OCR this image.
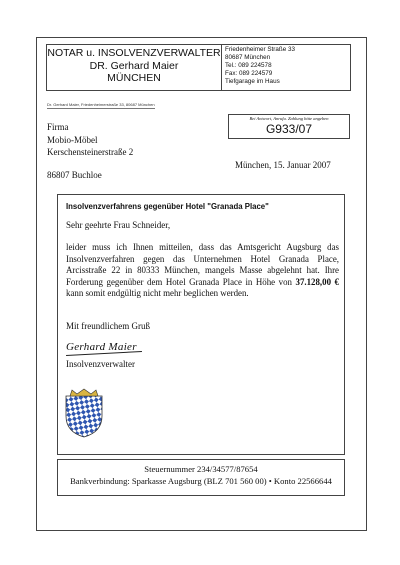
NOTAR u. INSOLVENZVERWALTER
DR. Gerhard Maier
MÜNCHEN
Friedenheimer Straße 33
80687 München
Tel.: 089 224578
Fax: 089 224579
Tiefgarage im Haus
Dr. Gerhard Maier, Friedenheimerstraße 33, 80687 München
Firma
Mobio-Möbel
Kerschensteinerstraße 2
86807 Buchloe
Bei Antwort, Anrufu. Zahlung bitte angeben
G933/07
München, 15. Januar 2007
Insolvenzverfahrens gegenüber Hotel "Granada Place"
Sehr geehrte Frau Schneider,
leider muss ich Ihnen mitteilen, dass das Amtsgericht Augsburg das Insolvenzverfahren gegen das Unternehmen Hotel Granada Place, Arcisstraße 22 in 80333 München, mangels Masse abgelehnt hat. Ihre Forderung gegenüber dem Hotel Granada Place in Höhe von 37.128,00 € kann somit endgültig nicht mehr beglichen werden.
Mit freundlichem Gruß
Gerhard Maier
Insolvenzverwalter
Steuernummer 234/34577/87654
Bankverbindung: Sparkasse Augsburg (BLZ 701 560 00) • Konto 22566644
